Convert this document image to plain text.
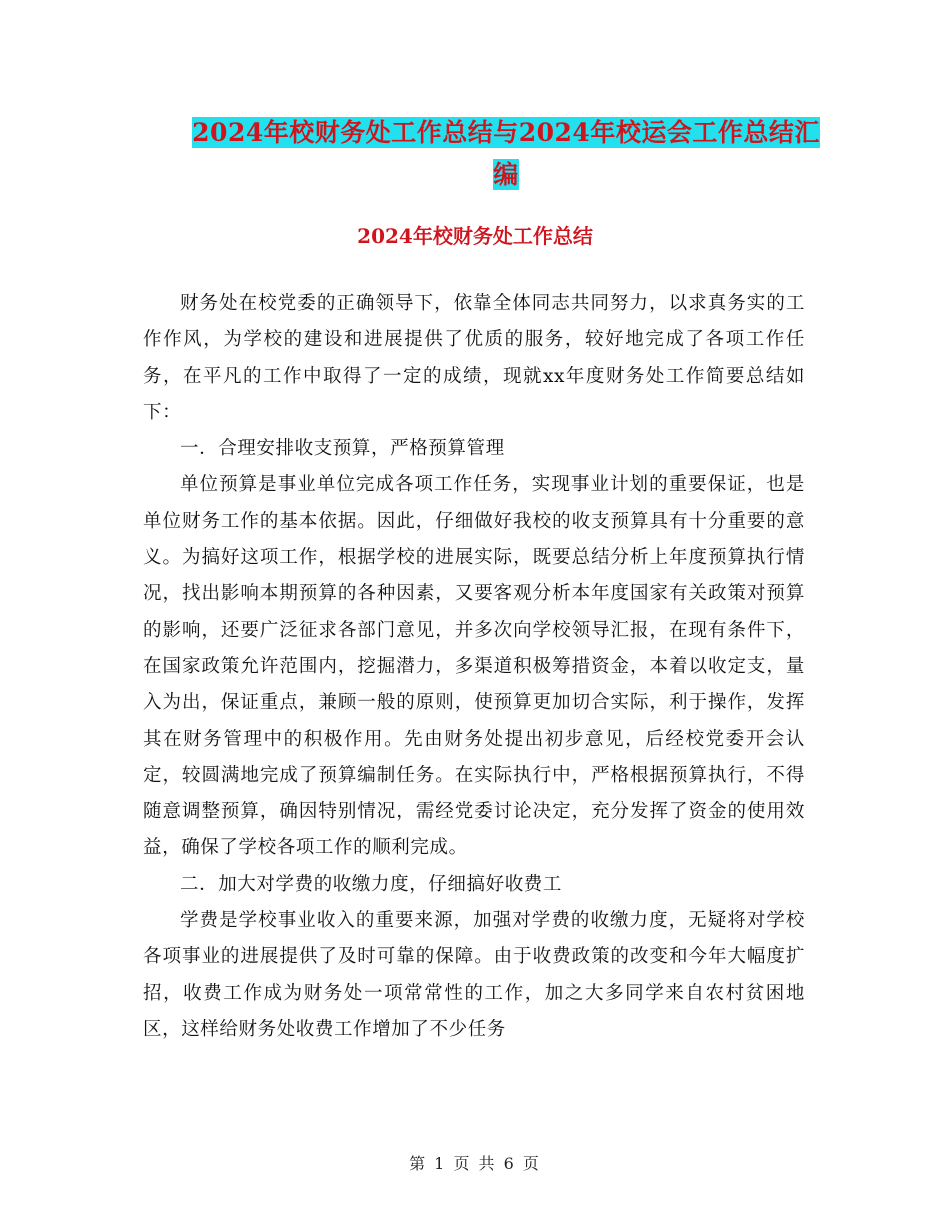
2024年校财务处工作总结与2024年校运会工作总结汇编
2024年校财务处工作总结

财务处在校党委的正确领导下，依靠全体同志共同努力，以求真务实的工作作风，为学校的建设和进展提供了优质的服务，较好地完成了各项工作任务，在平凡的工作中取得了一定的成绩，现就xx年度财务处工作简要总结如下：

一．合理安排收支预算，严格预算管理

单位预算是事业单位完成各项工作任务，实现事业计划的重要保证，也是单位财务工作的基本依据。因此，仔细做好我校的收支预算具有十分重要的意义。为搞好这项工作，根据学校的进展实际，既要总结分析上年度预算执行情况，找出影响本期预算的各种因素，又要客观分析本年度国家有关政策对预算的影响，还要广泛征求各部门意见，并多次向学校领导汇报，在现有条件下，在国家政策允许范围内，挖掘潜力，多渠道积极筹措资金，本着以收定支，量入为出，保证重点，兼顾一般的原则，使预算更加切合实际，利于操作，发挥其在财务管理中的积极作用。先由财务处提出初步意见，后经校党委开会认定，较圆满地完成了预算编制任务。在实际执行中，严格根据预算执行，不得随意调整预算，确因特别情况，需经党委讨论决定，充分发挥了资金的使用效益，确保了学校各项工作的顺利完成。

二．加大对学费的收缴力度，仔细搞好收费工

学费是学校事业收入的重要来源，加强对学费的收缴力度，无疑将对学校各项事业的进展提供了及时可靠的保障。由于收费政策的改变和今年大幅度扩招，收费工作成为财务处一项常常性的工作，加之大多同学来自农村贫困地区，这样给财务处收费工作增加了不少任务

第 1 页 共 6 页
